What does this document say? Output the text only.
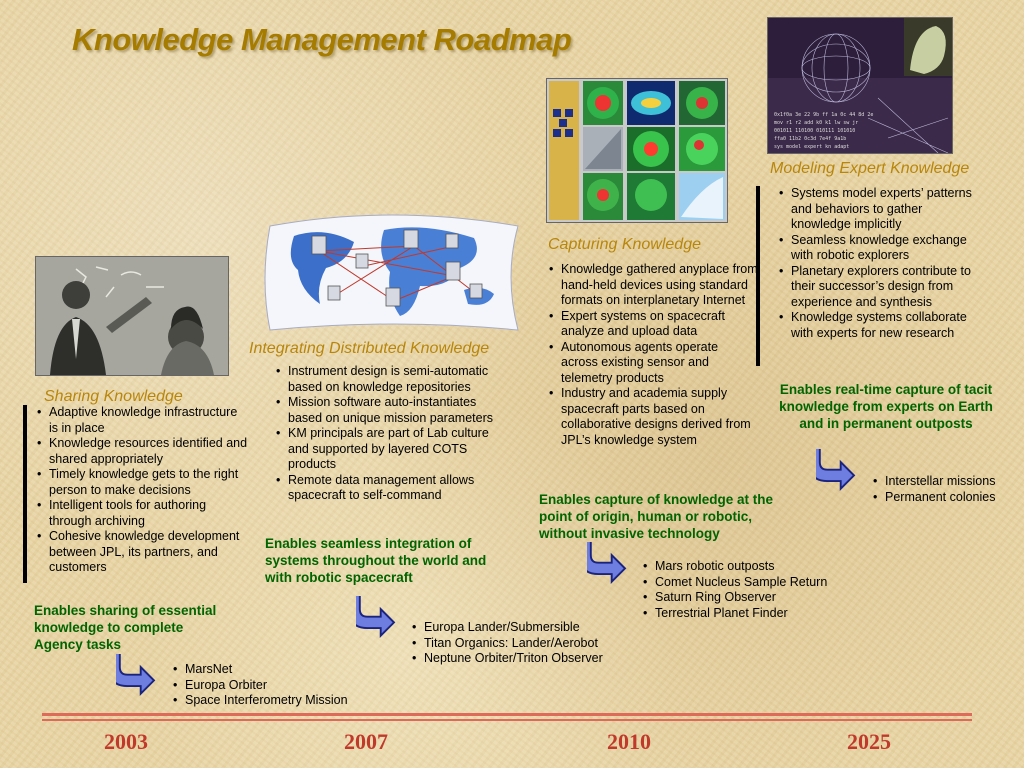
Knowledge Management Roadmap
Sharing Knowledge
• Adaptive knowledge infrastructure is in place
• Knowledge resources identified and shared appropriately
• Timely knowledge gets to the right person to make decisions
• Intelligent tools for authoring through archiving
• Cohesive knowledge development between JPL, its partners, and customers
Enables sharing of essential knowledge to complete Agency tasks
• MarsNet
• Europa Orbiter
• Space Interferometry Mission
Integrating Distributed Knowledge
• Instrument design is semi-automatic based on knowledge repositories
• Mission software auto-instantiates based on unique mission parameters
• KM principals are part of Lab culture and supported by layered COTS products
• Remote data management allows spacecraft to self-command
Enables seamless integration of systems throughout the world and with robotic spacecraft
• Europa Lander/Submersible
• Titan Organics: Lander/Aerobot
• Neptune Orbiter/Triton Observer
Capturing Knowledge
• Knowledge gathered anyplace from hand-held devices using standard formats on interplanetary Internet
• Expert systems on spacecraft analyze and upload data
• Autonomous agents operate across existing sensor and telemetry products
• Industry and academia supply spacecraft parts based on collaborative designs derived from JPL’s knowledge system
Enables capture of knowledge at the point of origin, human or robotic, without invasive technology
• Mars robotic outposts
• Comet Nucleus Sample Return
• Saturn Ring Observer
• Terrestrial Planet Finder
0x1f0a 3e 22 9b ff 1a 0c 44 8d 2e
mov r1 r2 add k0 k1 lw sw jr
001011 110100 010111 101010
ffa0 11b2 0c3d 7e4f 9a1b
sys model expert kn adapt
Modeling Expert Knowledge
• Systems model experts’ patterns and behaviors to gather knowledge implicitly
• Seamless knowledge exchange with robotic explorers
• Planetary explorers contribute to their successor’s design from experience and synthesis
• Knowledge systems collaborate with experts for new research
Enables real-time capture of tacit knowledge from experts on Earth and in permanent outposts
• Interstellar missions
• Permanent colonies
2003	2007	2010	2025
